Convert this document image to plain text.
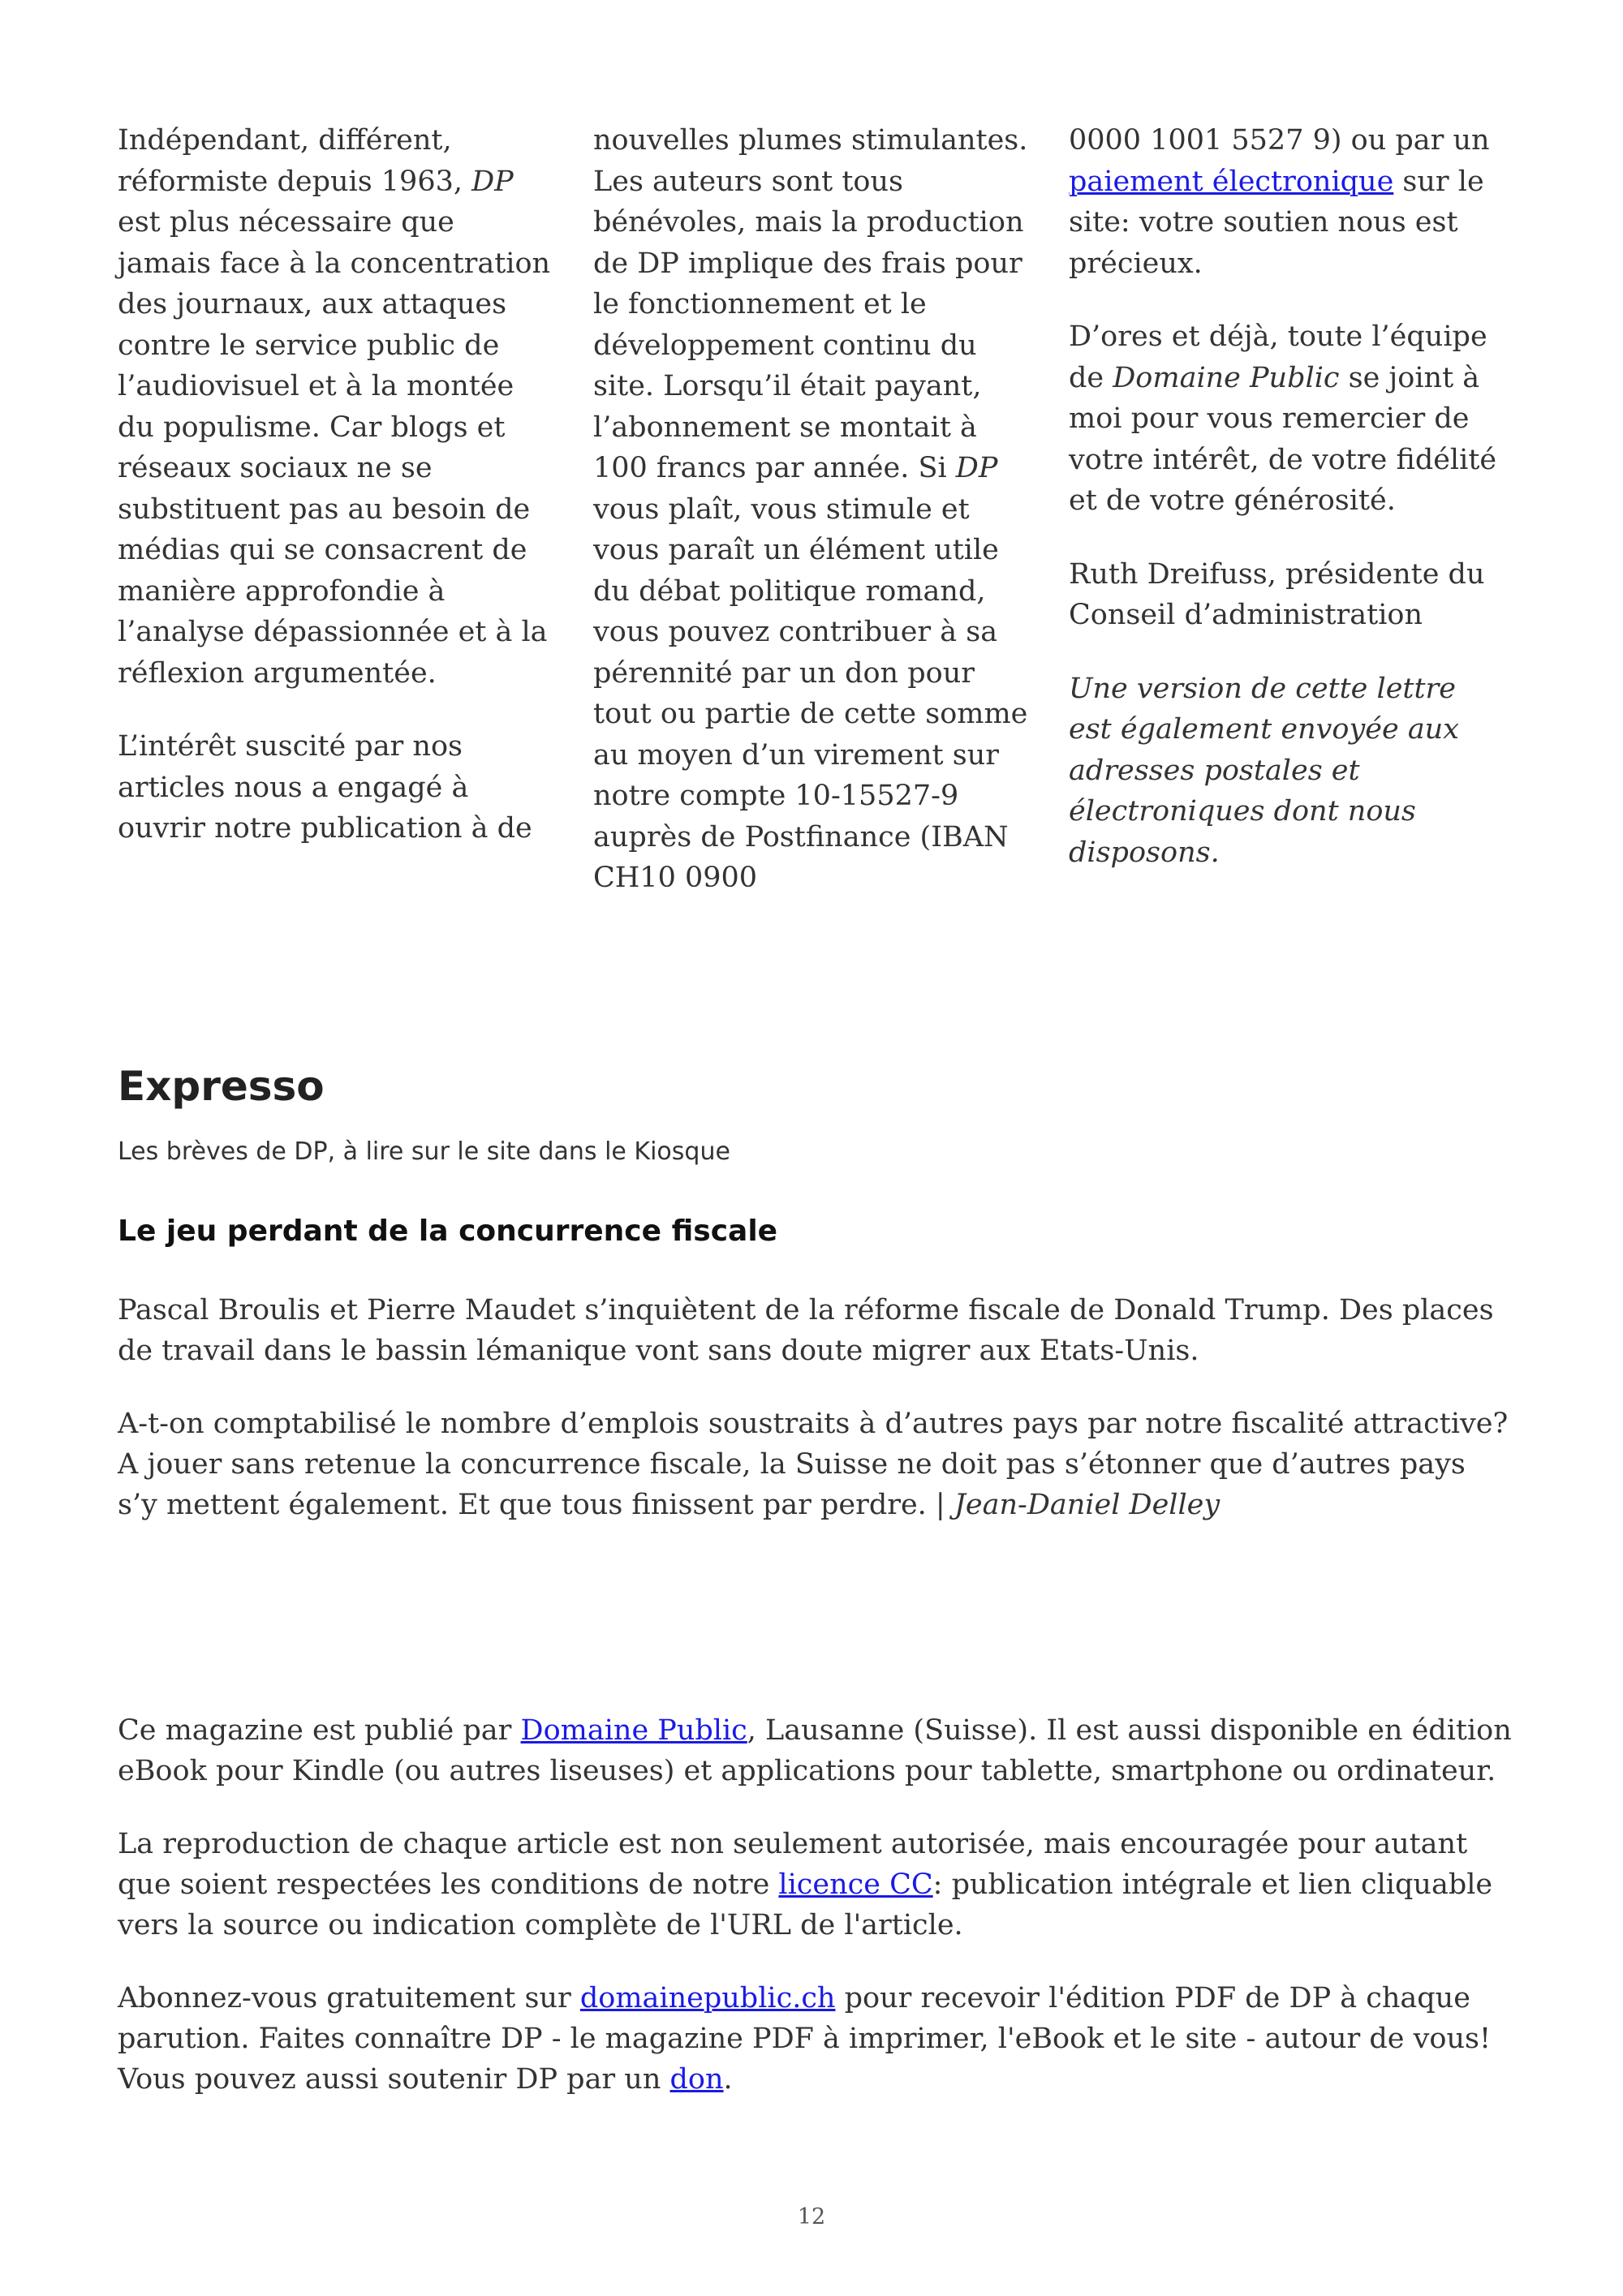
Indépendant, différent, réformiste depuis 1963, DP est plus nécessaire que jamais face à la concentration des journaux, aux attaques contre le service public de l’audiovisuel et à la montée du populisme. Car blogs et réseaux sociaux ne se substituent pas au besoin de médias qui se consacrent de manière approfondie à l’analyse dépassionnée et à la réflexion argumentée.

L’intérêt suscité par nos articles nous a engagé à ouvrir notre publication à de

nouvelles plumes stimulantes. Les auteurs sont tous bénévoles, mais la production de DP implique des frais pour le fonctionnement et le développement continu du site. Lorsqu’il était payant, l’abonnement se montait à 100 francs par année. Si DP vous plaît, vous stimule et vous paraît un élément utile du débat politique romand, vous pouvez contribuer à sa pérennité par un don pour tout ou partie de cette somme au moyen d’un virement sur notre compte 10-15527-9 auprès de Postfinance (IBAN CH10 0900

0000 1001 5527 9) ou par un paiement électronique sur le site: votre soutien nous est précieux.

D’ores et déjà, toute l’équipe de Domaine Public se joint à moi pour vous remercier de votre intérêt, de votre fidélité et de votre générosité.

Ruth Dreifuss, présidente du Conseil d’administration

Une version de cette lettre est également envoyée aux adresses postales et électroniques dont nous disposons.

Expresso

Les brèves de DP, à lire sur le site dans le Kiosque

Le jeu perdant de la concurrence fiscale

Pascal Broulis et Pierre Maudet s’inquiètent de la réforme fiscale de Donald Trump. Des places de travail dans le bassin lémanique vont sans doute migrer aux Etats-Unis.

A-t-on comptabilisé le nombre d’emplois soustraits à d’autres pays par notre fiscalité attractive? A jouer sans retenue la concurrence fiscale, la Suisse ne doit pas s’étonner que d’autres pays s’y mettent également. Et que tous finissent par perdre. | Jean-Daniel Delley

Ce magazine est publié par Domaine Public, Lausanne (Suisse). Il est aussi disponible en édition eBook pour Kindle (ou autres liseuses) et applications pour tablette, smartphone ou ordinateur.

La reproduction de chaque article est non seulement autorisée, mais encouragée pour autant que soient respectées les conditions de notre licence CC: publication intégrale et lien cliquable vers la source ou indication complète de l'URL de l'article.

Abonnez-vous gratuitement sur domainepublic.ch pour recevoir l'édition PDF de DP à chaque parution. Faites connaître DP - le magazine PDF à imprimer, l'eBook et le site - autour de vous! Vous pouvez aussi soutenir DP par un don.

12
